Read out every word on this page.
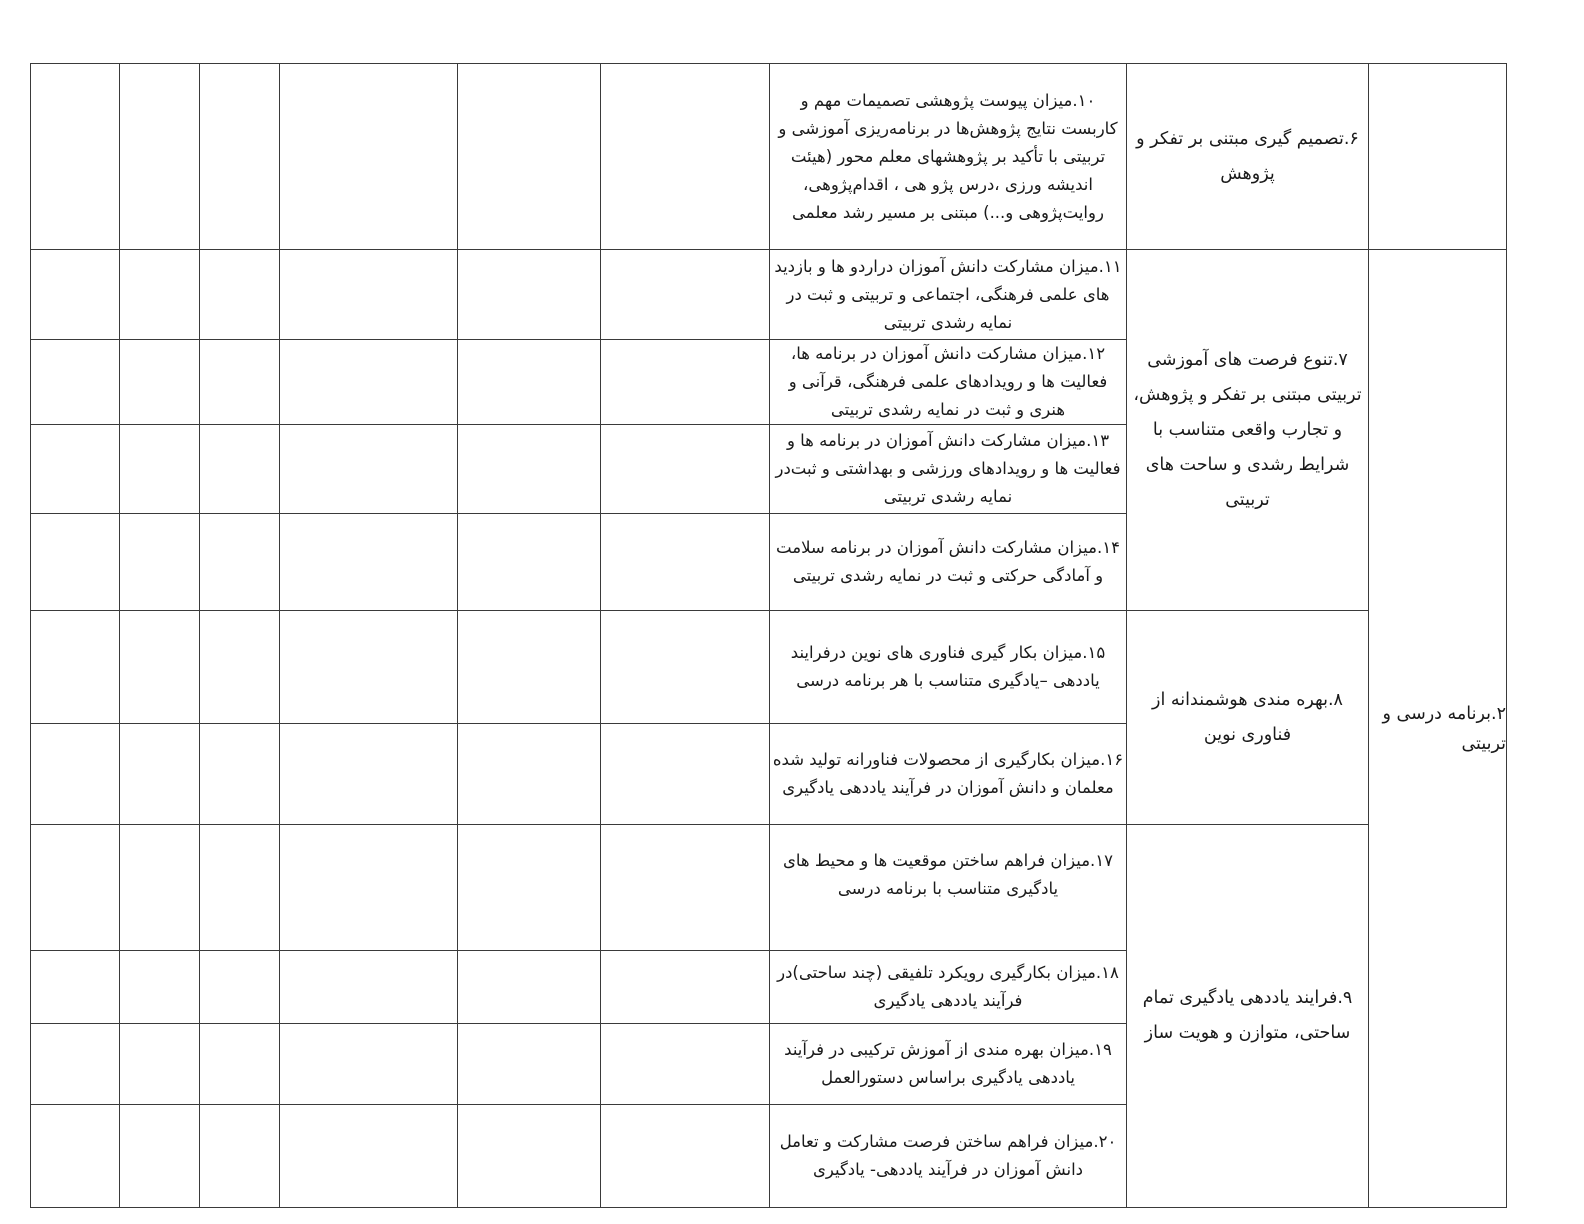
						۱۰.میزان پیوست پژوهشی تصمیمات مهم و کاربست نتایج پژوهش‌ها در برنامه‌ریزی آموزشی و تربیتی با تأکید بر پژوهشهای معلم محور (هیئت اندیشه ورزی ،درس پژو هی ، اقدام‌پژوهی، روایت‌پژوهی و...) مبتنی بر مسیر رشد معلمی	۶.تصمیم گیری مبتنی بر تفکر و پژوهش	
						۱۱.میزان مشارکت دانش آموزان دراردو ها و بازدید های علمی فرهنگی، اجتماعی و تربیتی و ثبت در نمایه رشدی تربیتی	۷.تنوع فرصت های آموزشی تربیتی مبتنی بر تفکر و پژوهش، و تجارب واقعی متناسب با شرایط رشدی و ساحت های تربیتی	۲.برنامه درسی و تربیتی
						۱۲.میزان مشارکت دانش آموزان در برنامه ها، فعالیت ها و رویدادهای علمی فرهنگی، قرآنی و هنری و ثبت در نمایه رشدی تربیتی		
						۱۳.میزان مشارکت دانش آموزان در برنامه ها و فعالیت ها و رویدادهای ورزشی و بهداشتی و ثبت‌در نمایه رشدی تربیتی		
						۱۴.میزان مشارکت دانش آموزان در برنامه سلامت و آمادگی حرکتی و ثبت در نمایه رشدی تربیتی		
						۱۵.میزان بکار گیری فناوری های نوین درفرایند یاددهی –یادگیری متناسب با هر برنامه درسی	۸.بهره مندی هوشمندانه از فناوری نوین	
						۱۶.میزان بکارگیری از محصولات فناورانه تولید شده معلمان و دانش آموزان در فرآیند یاددهی یادگیری		
						۱۷.میزان فراهم ساختن موقعیت ها و محیط های یادگیری متناسب با برنامه درسی	۹.فرایند یاددهی یادگیری تمام ساحتی، متوازن و هویت ساز	
						۱۸.میزان بکارگیری رویکرد تلفیقی (چند ساحتی)در فرآیند یاددهی یادگیری		
						۱۹.میزان بهره مندی از آموزش ترکیبی در فرآیند یاددهی یادگیری براساس دستورالعمل		
						۲۰.میزان فراهم ساختن فرصت مشارکت و تعامل دانش آموزان در فرآیند یاددهی- یادگیری		
